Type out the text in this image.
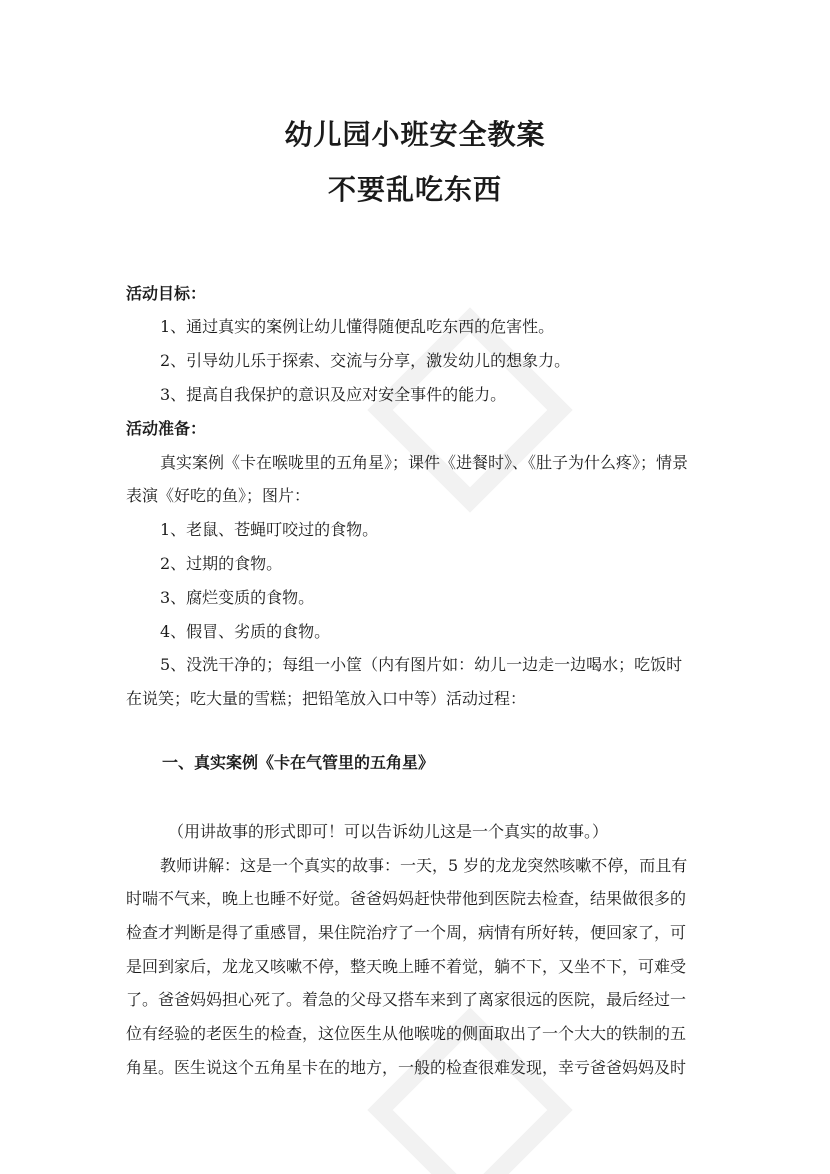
幼儿园小班安全教案
不要乱吃东西

活动目标：

1、通过真实的案例让幼儿懂得随便乱吃东西的危害性。

2、引导幼儿乐于探索、交流与分享，激发幼儿的想象力。

3、提高自我保护的意识及应对安全事件的能力。

活动准备：

真实案例《卡在喉咙里的五角星》；课件《进餐时》、《肚子为什么疼》；情景

表演《好吃的鱼》；图片：

1、老鼠、苍蝇叮咬过的食物。

2、过期的食物。

3、腐烂变质的食物。

4、假冒、劣质的食物。

5、没洗干净的；每组一小筐（内有图片如：幼儿一边走一边喝水；吃饭时

在说笑；吃大量的雪糕；把铅笔放入口中等）活动过程：

一、真实案例《卡在气管里的五角星》

（用讲故事的形式即可！可以告诉幼儿这是一个真实的故事。）

教师讲解：这是一个真实的故事：一天，5 岁的龙龙突然咳嗽不停，而且有

时喘不气来，晚上也睡不好觉。爸爸妈妈赶快带他到医院去检查，结果做很多的

检查才判断是得了重感冒，果住院治疗了一个周，病情有所好转，便回家了，可

是回到家后，龙龙又咳嗽不停，整天晚上睡不着觉，躺不下，又坐不下，可难受

了。爸爸妈妈担心死了。着急的父母又搭车来到了离家很远的医院，最后经过一

位有经验的老医生的检查，这位医生从他喉咙的侧面取出了一个大大的铁制的五

角星。医生说这个五角星卡在的地方，一般的检查很难发现，幸亏爸爸妈妈及时
